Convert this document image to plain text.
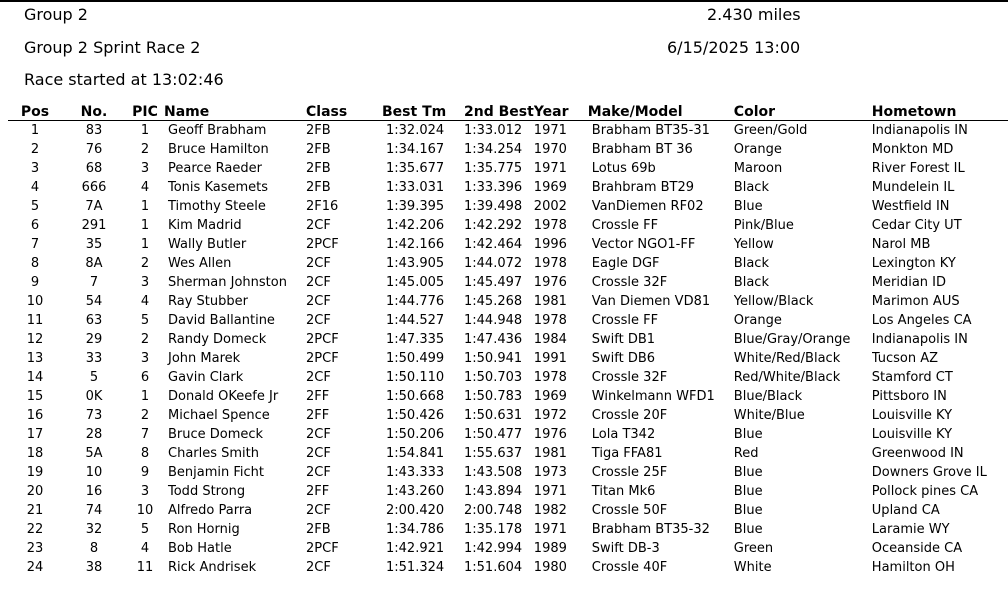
Group 2	2.430 miles
Group 2 Sprint Race 2	6/15/2025 13:00
Race started at 13:02:46
Pos	No.	PIC	Name	Class	Best Tm	2nd Best	Year	Make/Model	Color	Hometown
1	83	1	Geoff Brabham	2FB	1:32.024	1:33.012	1971	Brabham BT35-31	Green/Gold	Indianapolis IN
2	76	2	Bruce Hamilton	2FB	1:34.167	1:34.254	1970	Brabham BT 36	Orange	Monkton MD
3	68	3	Pearce Raeder	2FB	1:35.677	1:35.775	1971	Lotus 69b	Maroon	River Forest IL
4	666	4	Tonis Kasemets	2FB	1:33.031	1:33.396	1969	Brahbram BT29	Black	Mundelein IL
5	7A	1	Timothy Steele	2F16	1:39.395	1:39.498	2002	VanDiemen RF02	Blue	Westfield IN
6	291	1	Kim Madrid	2CF	1:42.206	1:42.292	1978	Crossle FF	Pink/Blue	Cedar City UT
7	35	1	Wally Butler	2PCF	1:42.166	1:42.464	1996	Vector NGO1-FF	Yellow	Narol MB
8	8A	2	Wes Allen	2CF	1:43.905	1:44.072	1978	Eagle DGF	Black	Lexington KY
9	7	3	Sherman Johnston	2CF	1:45.005	1:45.497	1976	Crossle 32F	Black	Meridian ID
10	54	4	Ray Stubber	2CF	1:44.776	1:45.268	1981	Van Diemen VD81	Yellow/Black	Marimon AUS
11	63	5	David Ballantine	2CF	1:44.527	1:44.948	1978	Crossle FF	Orange	Los Angeles CA
12	29	2	Randy Domeck	2PCF	1:47.335	1:47.436	1984	Swift DB1	Blue/Gray/Orange	Indianapolis IN
13	33	3	John Marek	2PCF	1:50.499	1:50.941	1991	Swift DB6	White/Red/Black	Tucson AZ
14	5	6	Gavin Clark	2CF	1:50.110	1:50.703	1978	Crossle 32F	Red/White/Black	Stamford CT
15	0K	1	Donald OKeefe Jr	2FF	1:50.668	1:50.783	1969	Winkelmann WFD1	Blue/Black	Pittsboro IN
16	73	2	Michael Spence	2FF	1:50.426	1:50.631	1972	Crossle 20F	White/Blue	Louisville KY
17	28	7	Bruce Domeck	2CF	1:50.206	1:50.477	1976	Lola T342	Blue	Louisville KY
18	5A	8	Charles Smith	2CF	1:54.841	1:55.637	1981	Tiga FFA81	Red	Greenwood IN
19	10	9	Benjamin Ficht	2CF	1:43.333	1:43.508	1973	Crossle 25F	Blue	Downers Grove IL
20	16	3	Todd Strong	2FF	1:43.260	1:43.894	1971	Titan Mk6	Blue	Pollock pines CA
21	74	10	Alfredo Parra	2CF	2:00.420	2:00.748	1982	Crossle 50F	Blue	Upland CA
22	32	5	Ron Hornig	2FB	1:34.786	1:35.178	1971	Brabham BT35-32	Blue	Laramie WY
23	8	4	Bob Hatle	2PCF	1:42.921	1:42.994	1989	Swift DB-3	Green	Oceanside CA
24	38	11	Rick Andrisek	2CF	1:51.324	1:51.604	1980	Crossle 40F	White	Hamilton OH
